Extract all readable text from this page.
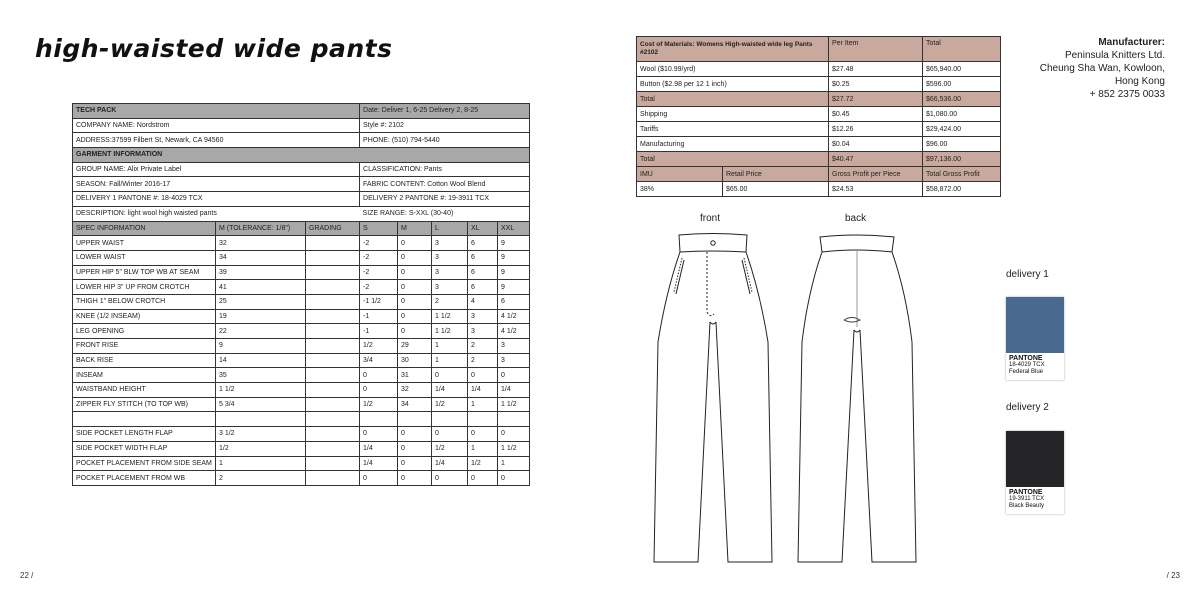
high-waisted wide pants
TECH PACK			Date: Deliver 1, 6-25 Delivery 2, 8-25				
COMPANY NAME: Nordstrom			Style #: 2102				
ADDRESS:37599 Filbert St, Newark, CA 94560			PHONE: (510) 794-5440				
GARMENT INFORMATION							
GROUP NAME: Alix Private Label			CLASSIFICATION: Pants				
SEASON: Fall/Winter 2016-17			FABRIC CONTENT: Cotton Wool Blend				
DELIVERY 1 PANTONE #: 18-4029 TCX			DELIVERY 2 PANTONE #: 19-3911 TCX				
DESCRIPTION: light wool high waisted pants			SIZE RANGE: S-XXL (30-40)				
SPEC INFORMATION	M (TOLERANCE: 1/8")	GRADING	S	M	L	XL	XXL
UPPER WAIST	32		-2	0	3	6	9
LOWER WAIST	34		-2	0	3	6	9
UPPER HIP 5" BLW TOP WB AT SEAM	39		-2	0	3	6	9
LOWER HIP 3" UP FROM CROTCH	41		-2	0	3	6	9
THIGH 1" BELOW CROTCH	25		-1 1/2	0	2	4	6
KNEE (1/2 INSEAM)	19		-1	0	1 1/2	3	4 1/2
LEG OPENING	22		-1	0	1 1/2	3	4 1/2
FRONT RISE	9		1/2	29	1	2	3
BACK RISE	14		3/4	30	1	2	3
INSEAM	35		0	31	0	0	0
WAISTBAND HEIGHT	1 1/2		0	32	1/4	1/4	1/4
ZIPPER FLY STITCH (TO TOP WB)	5 3/4		1/2	34	1/2	1	1 1/2

SIDE POCKET LENGTH FLAP	3 1/2		0	0	0	0	0
SIDE POCKET WIDTH FLAP	1/2		1/4	0	1/2	1	1 1/2
POCKET PLACEMENT FROM SIDE SEAM	1		1/4	0	1/4	1/2	1
POCKET PLACEMENT FROM WB	2		0	0	0	0	0
Cost of Materials: Womens High-waisted wide leg Pants #2102		Per Item	Total
Wool ($10.99/yrd)		$27.48	$65,940.00
Button ($2.98 per 12 1 inch)		$0.25	$596.00
Total		$27.72	$66,536.00
Shipping		$0.45	$1,080.00
Tariffs		$12.26	$29,424.00
Manufacturing		$0.04	$96.00
Total		$40.47	$97,136.00
IMU	Retail Price	Gross Profit per Piece	Total Gross Profit
38%	$65.00	$24.53	$58,872.00
Manufacturer:
Peninsula Knitters Ltd.
Cheung Sha Wan, Kowloon,
Hong Kong
+ 852 2375 0033
front	back
delivery 1
PANTONE
18-4029 TCX
Federal Blue
delivery 2
PANTONE
19-3911 TCX
Black Beauty
22 /	/ 23
